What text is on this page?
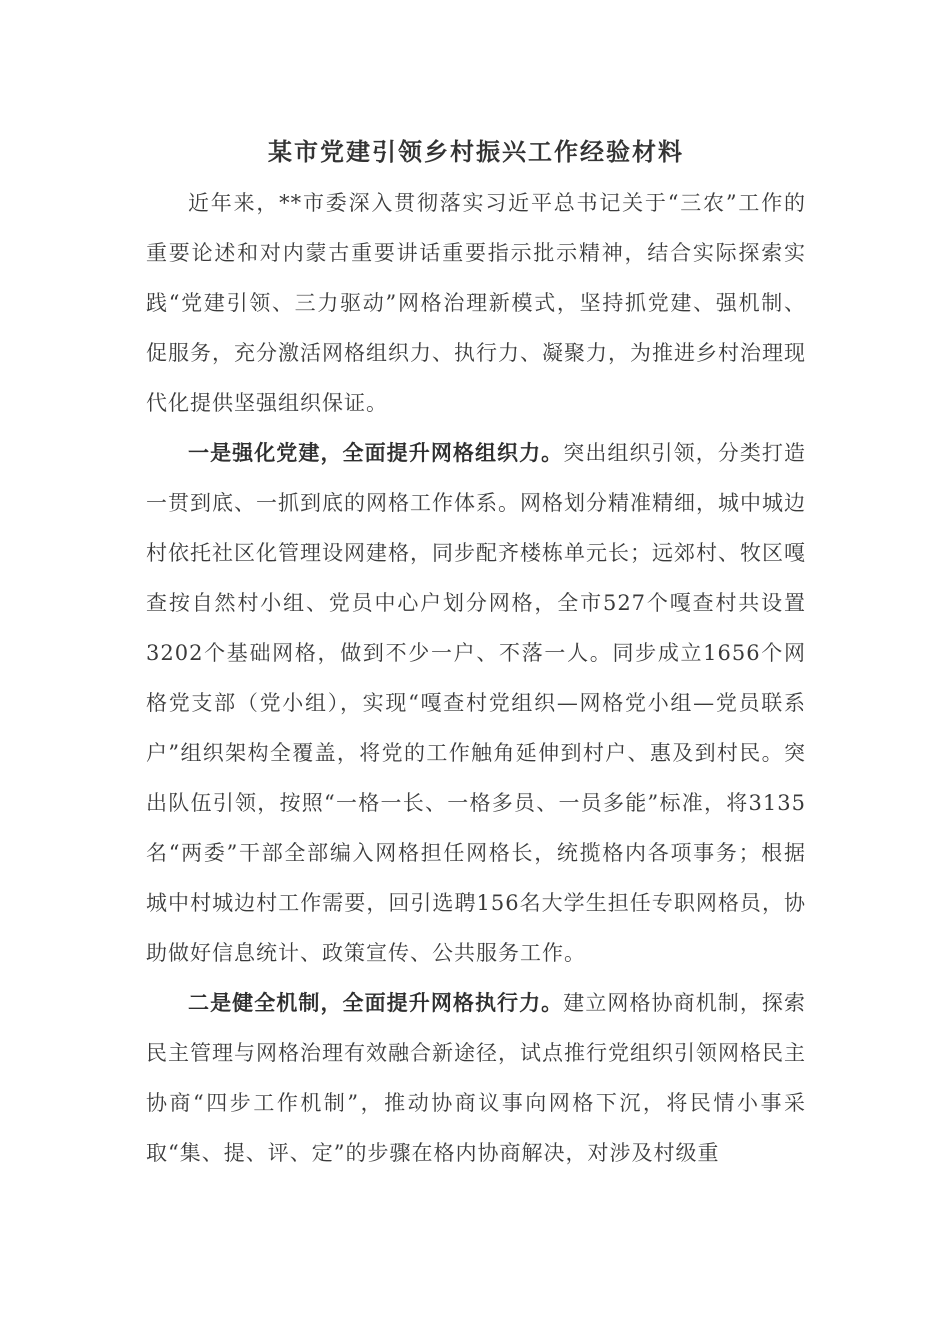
某市党建引领乡村振兴工作经验材料

近年来，**市委深入贯彻落实习近平总书记关于“三农”工作的重要论述和对内蒙古重要讲话重要指示批示精神，结合实际探索实践“党建引领、三力驱动”网格治理新模式，坚持抓党建、强机制、促服务，充分激活网格组织力、执行力、凝聚力，为推进乡村治理现代化提供坚强组织保证。

一是强化党建，全面提升网格组织力。突出组织引领，分类打造一贯到底、一抓到底的网格工作体系。网格划分精准精细，城中城边村依托社区化管理设网建格，同步配齐楼栋单元长；远郊村、牧区嘎查按自然村小组、党员中心户划分网格，全市527个嘎查村共设置3202个基础网格，做到不少一户、不落一人。同步成立1656个网格党支部（党小组），实现“嘎查村党组织—网格党小组—党员联系户”组织架构全覆盖，将党的工作触角延伸到村户、惠及到村民。突出队伍引领，按照“一格一长、一格多员、一员多能”标准，将3135名“两委”干部全部编入网格担任网格长，统揽格内各项事务；根据城中村城边村工作需要，回引选聘156名大学生担任专职网格员，协助做好信息统计、政策宣传、公共服务工作。

二是健全机制，全面提升网格执行力。建立网格协商机制，探索民主管理与网格治理有效融合新途径，试点推行党组织引领网格民主协商“四步工作机制”，推动协商议事向网格下沉，将民情小事采取“集、提、评、定”的步骤在格内协商解决，对涉及村级重
